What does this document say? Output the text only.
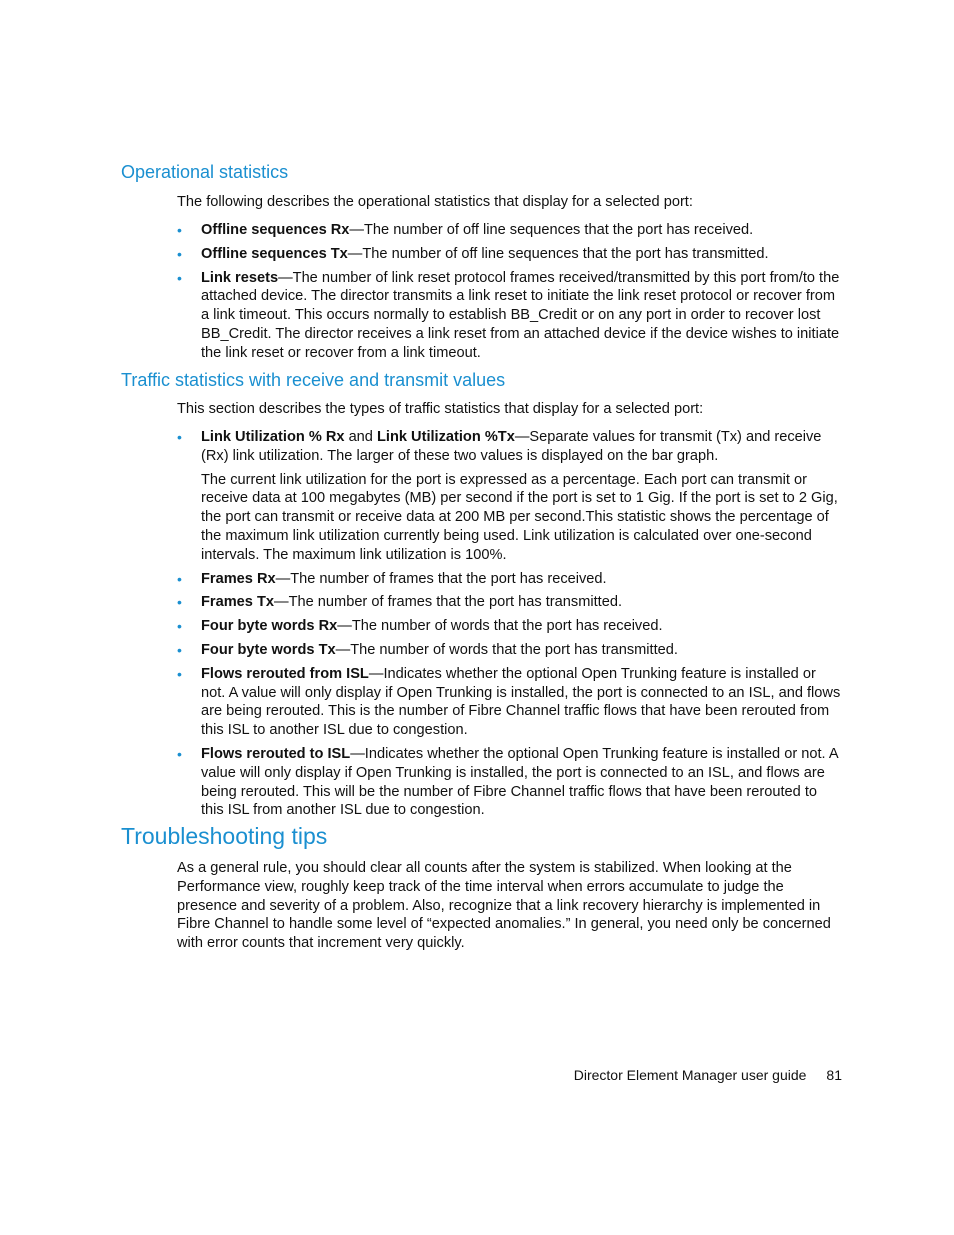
Operational statistics

The following describes the operational statistics that display for a selected port:

• Offline sequences Rx—The number of off line sequences that the port has received.
• Offline sequences Tx—The number of off line sequences that the port has transmitted.
• Link resets—The number of link reset protocol frames received/transmitted by this port from/to the attached device. The director transmits a link reset to initiate the link reset protocol or recover from a link timeout. This occurs normally to establish BB_Credit or on any port in order to recover lost BB_Credit. The director receives a link reset from an attached device if the device wishes to initiate the link reset or recover from a link timeout.
Traffic statistics with receive and transmit values

This section describes the types of traffic statistics that display for a selected port:

• Link Utilization % Rx and Link Utilization %Tx—Separate values for transmit (Tx) and receive (Rx) link utilization. The larger of these two values is displayed on the bar graph.

The current link utilization for the port is expressed as a percentage. Each port can transmit or receive data at 100 megabytes (MB) per second if the port is set to 1 Gig. If the port is set to 2 Gig, the port can transmit or receive data at 200 MB per second.This statistic shows the percentage of the maximum link utilization currently being used. Link utilization is calculated over one-second intervals. The maximum link utilization is 100%.

• Frames Rx—The number of frames that the port has received.
• Frames Tx—The number of frames that the port has transmitted.
• Four byte words Rx—The number of words that the port has received.
• Four byte words Tx—The number of words that the port has transmitted.
• Flows rerouted from ISL—Indicates whether the optional Open Trunking feature is installed or not. A value will only display if Open Trunking is installed, the port is connected to an ISL, and flows are being rerouted. This is the number of Fibre Channel traffic flows that have been rerouted from this ISL to another ISL due to congestion.
• Flows rerouted to ISL—Indicates whether the optional Open Trunking feature is installed or not. A value will only display if Open Trunking is installed, the port is connected to an ISL, and flows are being rerouted. This will be the number of Fibre Channel traffic flows that have been rerouted to this ISL from another ISL due to congestion.
Troubleshooting tips

As a general rule, you should clear all counts after the system is stabilized. When looking at the Performance view, roughly keep track of the time interval when errors accumulate to judge the presence and severity of a problem. Also, recognize that a link recovery hierarchy is implemented in Fibre Channel to handle some level of “expected anomalies.” In general, you need only be concerned with error counts that increment very quickly.

Director Element Manager user guide 81
